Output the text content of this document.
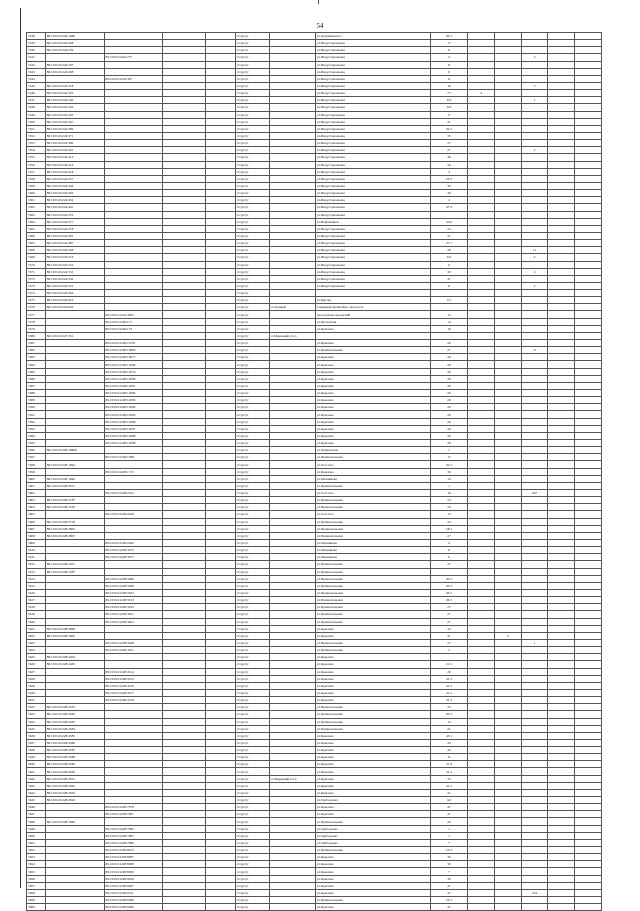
54
5538	86:10:0101224:1086				г.Сургут		ул.Дзержинского	20/1					
5539	86:10:0101224:208				г.Сургут		ул.Индустриальная	17					
5540	86:10:0101224:239				г.Сургут		ул.Индустриальная	11					
5541		86:10:0101224:277			г.Сургут		ул.Индустриальная	4			5		
5542	86:10:0101224:297				г.Сургут		ул.Индустриальная	8					
5543	86:10:0101224:298				г.Сургут		ул.Индустриальная	9					
5544		86:10:0101224:307			г.Сургут		ул.Индустриальная	11					
5545	86:10:0101224:318				г.Сургут		ул.Индустриальная	16			5		
5546	86:10:0101224:325				г.Сургут		ул.Индустриальная	75	4				
5547	86:10:0101224:340				г.Сургут		ул.Индустриальная	6/3			1		
5548	86:10:0101224:342				г.Сургут		ул.Индустриальная	6/3					
5549	86:10:0101224:345				г.Сургут		ул.Индустриальная	9					
5550	86:10:0101224:367				г.Сургут		ул.Индустриальная	21					
5551	86:10:0101224:369				г.Сургут		ул.Индустриальная	35/1					
5552	86:10:0101224:371				г.Сургут		ул.Индустриальная	35					
5553	86:10:0101224:380				г.Сургут		ул.Индустриальная	27					
5554	86:10:0101224:401				г.Сургут		ул.Индустриальная	27			2		
5555	86:10:0101224:413				г.Сургут		ул.Индустриальная	46					
5556	86:10:0101224:416				г.Сургут		ул.Индустриальная	56					
5557	86:10:0101224:418				г.Сургут		ул.Индустриальная	4					
5558	86:10:0101224:437				г.Сургут		ул.Индустриальная	23/3					
5559	86:10:0101224:446				г.Сургут		ул.Индустриальная	39					
5560	86:10:0101224:450				г.Сургут		ул.Индустриальная	39					
5561	86:10:0101224:454				г.Сургут		ул.Индустриальная	4					
5562	86:10:0101224:461				г.Сургут		ул.Индустриальная	47/3					
5563	86:10:0101224:470				г.Сургут		ул.Индустриальная						
5564	86:10:0101224:477				г.Сургут		ул.Нефтяников	2/02					
5565	86:10:0101224:478				г.Сургут		ул.Индустриальная	24					
5566	86:10:0101224:481				г.Сургут		ул.Индустриальная	21					
5567	86:10:0101224:487				г.Сургут		ул.Индустриальная	27/1					
5568	86:10:0101224:508				г.Сургут		ул.Индустриальная	28			11		
5569	86:10:0101224:516				г.Сургут		ул.Индустриальная	6/3			2		
5570	86:10:0101224:522				г.Сургут		ул.Индустриальная	9					
5571	86:10:0101224:533				г.Сургут		ул.Индустриальная	30			2		
5572	86:10:0101224:542				г.Сургут		ул.Индустриальная	47					
5573	86:10:0101224:552				г.Сургут		ул.Индустриальная	6			2		
5574	86:10:0101224:564				г.Сургут								
5575	86:10:0101224:619				г.Сургут		ул.Бурова	5/1					
5576	86:10:0101224:620				г.Сургут	п.Лунный	Северный промрайон, проезд 21						
5577		86:10:0101224:4055			г.Сургут		проезд Комсомольский	12					
5578		86:10:0101226:171			г.Сургут		ул.Пролетная	14					
5579		86:10:0101226:173			г.Сургут		ул.Крылова	16					
5580	86:10:0101227:331				г.Сургут	п.Медвежий угол							
5581		86:10:0101228:10791			г.Сургут		ул.Крылова	26					
5582		86:10:0101228:10893			г.Сургут		ул.Привокзальная	27			6		
5583		86:10:0101228:10977			г.Сургут		ул.Крылова	26					
5584		86:10:0101228:11066			г.Сургут		ул.Крылова	26					
5585		86:10:0101228:12076			г.Сургут		ул.Крылова	26					
5586		86:10:0101228:12080			г.Сургут		ул.Крылова	26					
5587		86:10:0101228:12081			г.Сургут		ул.Крылова	26					
5588		86:10:0101228:12082			г.Сургут		ул.Крылова	26					
5589		86:10:0101228:12083			г.Сургут		ул.Крылова	26					
5590		86:10:0101228:12084			г.Сургут		ул.Крылова	26					
5591		86:10:0101228:12085			г.Сургут		ул.Крылова	26					
5592		86:10:0101228:12086			г.Сургут		ул.Крылова	26					
5593		86:10:0101228:12087			г.Сургут		ул.Крылова	26					
5594		86:10:0101228:12088			г.Сургут		ул.Крылова	26					
5595		86:10:0101228:12089			г.Сургут		ул.Крылова	26					
5596	86:10:0101228:10666				г.Сургут		ул.Лермонтова	1					
5597		86:10:0101228:1588			г.Сургут		ул.Привокзальная	17					
5598	86:10:0101228:1692				г.Сургут		ул.Толстого	20/1					
5599		86:10:0101228:1715			г.Сургут		ул.Крылова	36					
5600	86:10:0101228:1840				г.Сургут		ул.Мечникова	14					
5601	86:10:0101228:2011				г.Сургут		ул.Привокзальная	1					
5602		86:10:0101228:2163			г.Сургут		ул.Толстого	16			947		
5603	86:10:0101228:2187				г.Сургут		ул.Привокзальная	24					
5604	86:10:0101228:2239				г.Сургут		ул.Привокзальная	24					
5605		86:10:0101228:2449			г.Сургут		ул.Толстого	13					
5606	86:10:0101228:2759				г.Сургут		ул.Привокзальная	22					
5607	86:10:0101228:2802				г.Сургут		ул.Привокзальная	18/1					
5608	86:10:0101228:2807				г.Сургут		ул.Привокзальная	27					
5609		86:10:0101228:2942			г.Сургут		ул.Мечникова	4					
5610		86:10:0101228:3072			г.Сургут		ул.Мечникова	6					
5611		86:10:0101228:3075			г.Сургут		ул.Мечникова	6					
5612	86:10:0101228:3201				г.Сургут		ул.Привокзальная	27					
5613	86:10:0101228:3387				г.Сургут		ул.Привокзальная						
5614		86:10:0101228:3486			г.Сургут		ул.Привокзальная	20/1					
5615		86:10:0101228:3498			г.Сургут		ул.Привокзальная	20/1					
5616		86:10:0101228:3503			г.Сургут		ул.Привокзальная	20/1					
5617		86:10:0101228:3513			г.Сургут		ул.Привокзальная	20/1					
5618		86:10:0101228:3615			г.Сургут		ул.Привокзальная	27					
5619		86:10:0101228:3821			г.Сургут		ул.Привокзальная	27					
5620		86:10:0101228:3824			г.Сургут		ул.Привокзальная	27					
5621	86:10:0101228:3868				г.Сургут		ул.Крылова	35					
5622	86:10:0101228:3905				г.Сургут		ул.Крылова	41		2			
5623		86:10:0101228:3948			г.Сургут		ул.Привокзальная	27			1		
5624		86:10:0101228:4221			г.Сургут		ул.Привокзальная	2					
5625	86:10:0101228:4464				г.Сургут		ул.Крылова						
5626	86:10:0101228:4465				г.Сургут		ул.Крылова	21/1					
5627		86:10:0101228:4514			г.Сургут		ул.Крылова	26					
5628		86:10:0101228:4515			г.Сургут		ул.Крылова	41/1					
5629		86:10:0101228:4516			г.Сургут		ул.Крылова	41/1					
5630		86:10:0101228:4517			г.Сургут		ул.Крылова	41/1					
5631		86:10:0101228:4518			г.Сургут		ул.Крылова	41/1					
5632	86:10:0101228:4581				г.Сургут		ул.Привокзальная	23					
5633	86:10:0101228:4582				г.Сургут		ул.Привокзальная	20/1					
5634	86:10:0101228:4583				г.Сургут		ул.Привокзальная	15					
5635	86:10:0101228:4584				г.Сургут		ул.Привокзальная	21					
5636	86:10:0101228:4585				г.Сургут		ул.Крылова	43/1					
5637	86:10:0101228:4586				г.Сургут		ул.Крылова	43					
5638	86:10:0101228:4587				г.Сургут		ул.Крылова	43					
5639	86:10:0101228:4588				г.Сургут		ул.Крылова	11					
5640	86:10:0101228:4589				г.Сургут		ул.Крылова	37/4					
5641	86:10:0101228:4590				г.Сургут		ул.Крылова	31/1					
5642	86:10:0101228:4591				г.Сургут	п.Медвежий угол	ул.Крылова	35					
5643	86:10:0101228:4592				г.Сургут		ул.Крылова	41/1					
5644	86:10:0101228:4593				г.Сургут		ул.Крылова	41					
5645	86:10:0101228:4594				г.Сургут		ул.Грибоедова	4/2					
5646		86:10:0101228:7978			г.Сургут		ул.Крылова	47					
5647		86:10:0101228:7981			г.Сургут		ул.Крылова	47					
5648	86:10:0101228:7984				г.Сургут		ул.Привокзальная	20					
5649		86:10:0101228:7985			г.Сургут		ул.Грибоедова	1					
5650		86:10:0101228:7987			г.Сургут		ул.Грибоедова	7					
5651		86:10:0101228:7989			г.Сургут		ул.Грибоедова	7					
5652		86:10:0101228:8013			г.Сургут		ул.Привокзальная	10/1					
5653		86:10:0101228:8097			г.Сургут		ул.Крылова	36					
5654		86:10:0101228:8098			г.Сургут		ул.Крылова	36					
5655		86:10:0101228:8099			г.Сургут		ул.Крылова	7					
5656		86:10:0101228:9459			г.Сургут		ул.Крылова	36					
5657		86:10:0101228:9467			г.Сургут		ул.Крылова	47					
5658		86:10:0101228:9511			г.Сургут		ул.Крылова	47			224		
5659		86:10:0101228:9566			г.Сургут		ул.Привокзальная	10/1					
5660		86:10:0101228:9569			г.Сургут		ул.Крылова	47					
